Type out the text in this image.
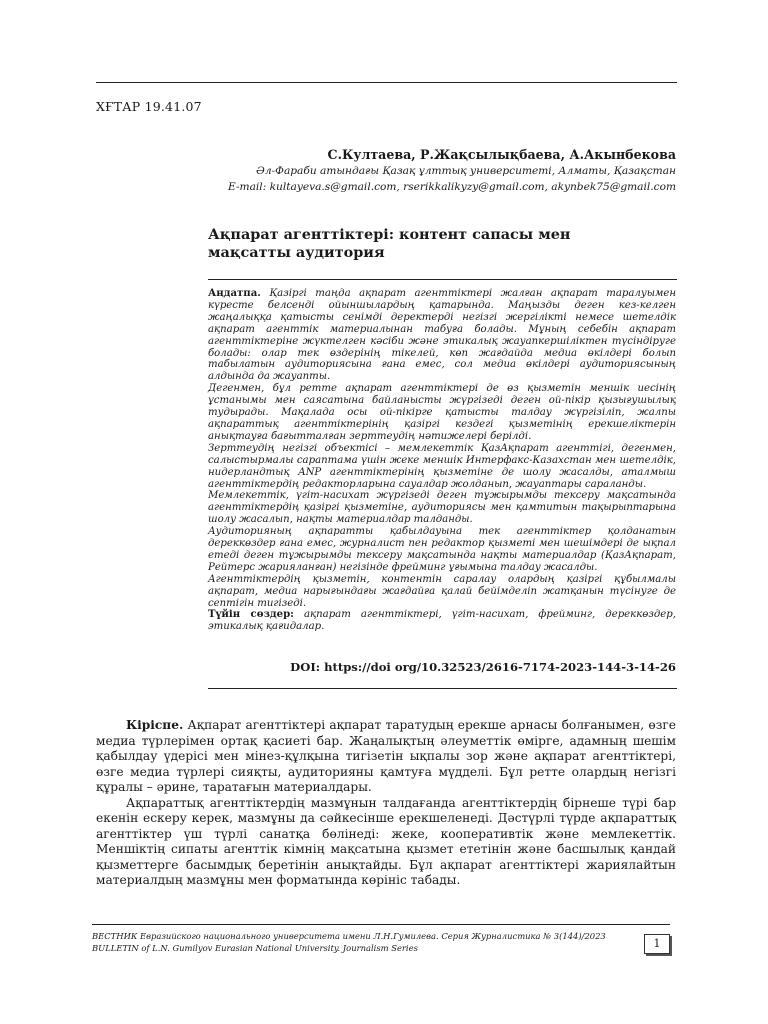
ХҒТАР 19.41.07
С.Култаева, Р.Жақсылықбаева, А.Акынбекова
Әл-Фараби атындағы Қазақ ұлттық университеті, Алматы, Қазақстан
E-mail: kultayeva.s@gmail.com, rserikkalikyzy@gmail.com, akynbek75@gmail.com
Ақпарат агенттіктері: контент сапасы мен мақсатты аудитория

Аңдатпа. Қазіргі таңда ақпарат агенттіктері жалған ақпарат таралуымен күресте белсенді ойыншылардың қатарында. Маңызды деген кез-келген жаңалыққа қатысты сенімді деректерді негізгі жергілікті немесе шетелдік ақпарат агенттік материалынан табуға болады. Мұның себебін ақпарат агенттіктеріне жүктелген кәсіби және этикалық жауапкершіліктен түсіндіруге болады: олар тек өздерінің тікелей, көп жағдайда медиа өкілдері болып табылатын аудиториясына ғана емес, сол медиа өкілдері аудиториясының алдында да жауапты.

Дегенмен, бұл ретте ақпарат агенттіктері де өз қызметін меншік иесінің ұстанымы мен саясатына байланысты жүргізеді деген ой-пікір қызығушылық тудырады. Мақалада осы ой-пікірге қатысты талдау жүргізіліп, жалпы ақпараттық агенттіктерінің қазіргі кездегі қызметінің ерекшеліктерін анықтауға бағытталған зерттеудің нәтижелері берілді.

Зерттеудің негізгі объектісі – мемлекеттік ҚазАқпарат агенттігі, дегенмен, салыстырмалы сараптама үшін жеке меншік Интерфакс-Казахстан мен шетелдік, нидерландтық ANP агенттіктерінің қызметіне де шолу жасалды, аталмыш агенттіктердің редакторларына сауалдар жолданып, жауаптары сараланды.

Мемлекеттік, үгіт-насихат жүргізеді деген тұжырымды тексеру мақсатында агенттіктердің қазіргі қызметіне, аудиториясы мен қамтитын тақырыптарына шолу жасалып, нақты материалдар талданды.

Аудиторияның ақпаратты қабылдауына тек агенттіктер қолданатын дереккөздер ғана емес, журналист пен редактор қызметі мен шешімдері де ықпал етеді деген тұжырымды тексеру мақсатында нақты материалдар (ҚазАқпарат, Рейтерс жарияланған) негізінде фрейминг ұғымына талдау жасалды.

Агенттіктердің қызметін, контентін саралау олардың қазіргі құбылмалы ақпарат, медиа нарығындағы жағдайға қалай бейімделіп жатқанын түсінуге де септігін тигізеді.

Түйін сөздер: ақпарат агенттіктері, үгіт-насихат, фрейминг, дереккөздер, этикалық қағидалар.

DOI: https://doi org/10.32523/2616-7174-2023-144-3-14-26

Кіріспе. Ақпарат агенттіктері ақпарат таратудың ерекше арнасы болғанымен, өзге медиа түрлерімен ортақ қасиеті бар. Жаңалықтың әлеуметтік өмірге, адамның шешім қабылдау үдерісі мен мінез-құлқына тигізетін ықпалы зор және ақпарат агенттіктері, өзге медиа түрлері сияқты, аудиторияны қамтуға мүдделі. Бұл ретте олардың негізгі құралы – әрине, таратағын материалдары.

Ақпараттық агенттіктердің мазмұнын талдағанда агенттіктердің бірнеше түрі бар екенін ескеру керек, мазмұны да сәйкесінше ерекшеленеді. Дәстүрлі түрде ақпараттық агенттіктер үш түрлі санатқа бөлінеді: жеке, кооперативтік және мемлекеттік. Меншіктің сипаты агенттік кімнің мақсатына қызмет ететінін және басшылық қандай қызметтерге басымдық беретінін анықтайды. Бұл ақпарат агенттіктері жариялайтын материалдың мазмұны мен форматында көрініс табады.

ВЕСТНИК Евразийского национального университета имени Л.Н.Гумилева. Серия Журналистика № 3(144)/2023
BULLETIN of L.N. Gumilyov Eurasian National University. Journalism Series	1
